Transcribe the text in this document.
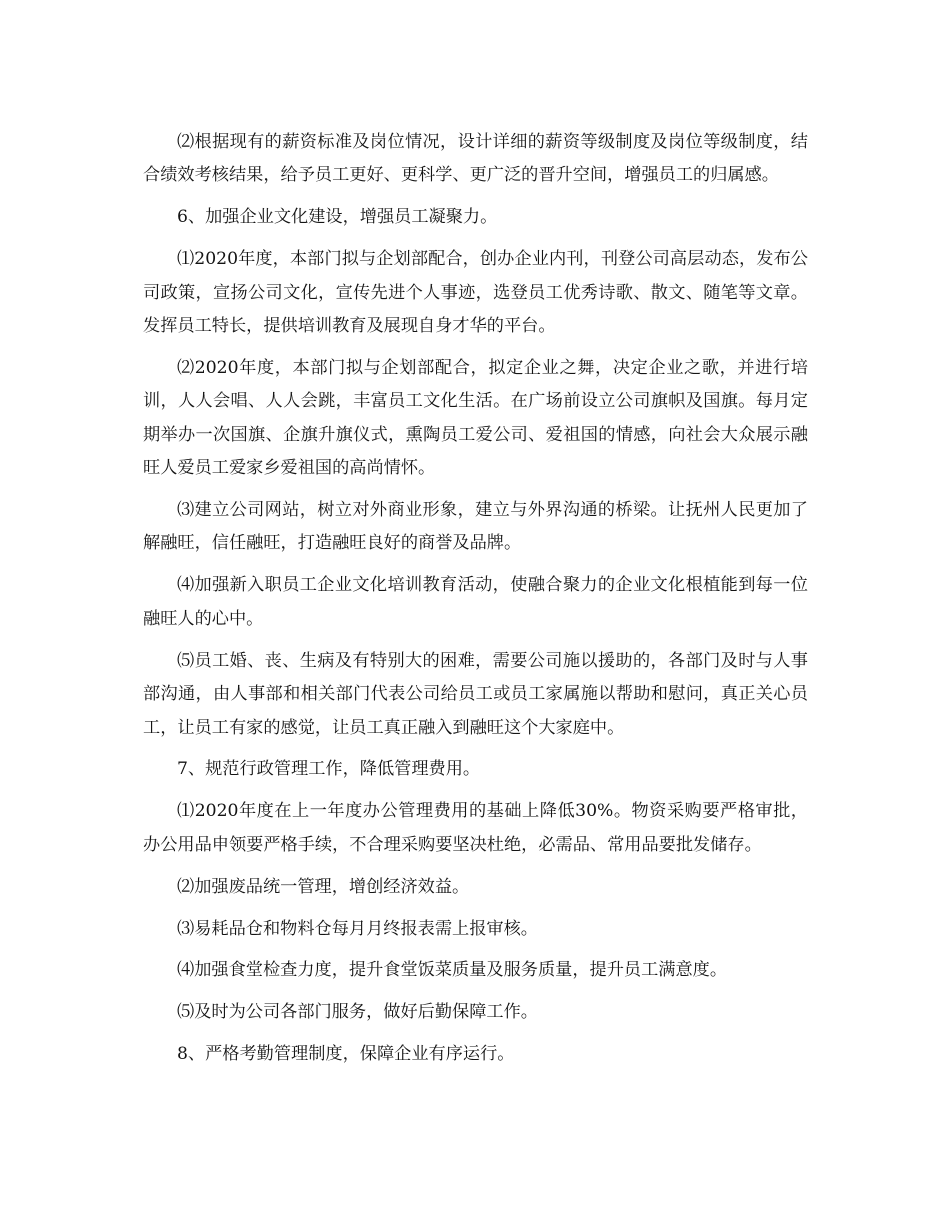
⑵根据现有的薪资标准及岗位情况，设计详细的薪资等级制度及岗位等级制度，结合绩效考核结果，给予员工更好、更科学、更广泛的晋升空间，增强员工的归属感。

6、加强企业文化建设，增强员工凝聚力。

⑴2020年度，本部门拟与企划部配合，创办企业内刊，刊登公司高层动态，发布公司政策，宣扬公司文化，宣传先进个人事迹，选登员工优秀诗歌、散文、随笔等文章。发挥员工特长，提供培训教育及展现自身才华的平台。

⑵2020年度，本部门拟与企划部配合，拟定企业之舞，决定企业之歌，并进行培训，人人会唱、人人会跳，丰富员工文化生活。在广场前设立公司旗帜及国旗。每月定期举办一次国旗、企旗升旗仪式，熏陶员工爱公司、爱祖国的情感，向社会大众展示融旺人爱员工爱家乡爱祖国的高尚情怀。

⑶建立公司网站，树立对外商业形象，建立与外界沟通的桥梁。让抚州人民更加了解融旺，信任融旺，打造融旺良好的商誉及品牌。

⑷加强新入职员工企业文化培训教育活动，使融合聚力的企业文化根植能到每一位融旺人的心中。

⑸员工婚、丧、生病及有特别大的困难，需要公司施以援助的，各部门及时与人事部沟通，由人事部和相关部门代表公司给员工或员工家属施以帮助和慰问，真正关心员工，让员工有家的感觉，让员工真正融入到融旺这个大家庭中。

7、规范行政管理工作，降低管理费用。

⑴2020年度在上一年度办公管理费用的基础上降低30%。物资采购要严格审批，办公用品申领要严格手续，不合理采购要坚决杜绝，必需品、常用品要批发储存。

⑵加强废品统一管理，增创经济效益。

⑶易耗品仓和物料仓每月月终报表需上报审核。

⑷加强食堂检查力度，提升食堂饭菜质量及服务质量，提升员工满意度。

⑸及时为公司各部门服务，做好后勤保障工作。

8、严格考勤管理制度，保障企业有序运行。
